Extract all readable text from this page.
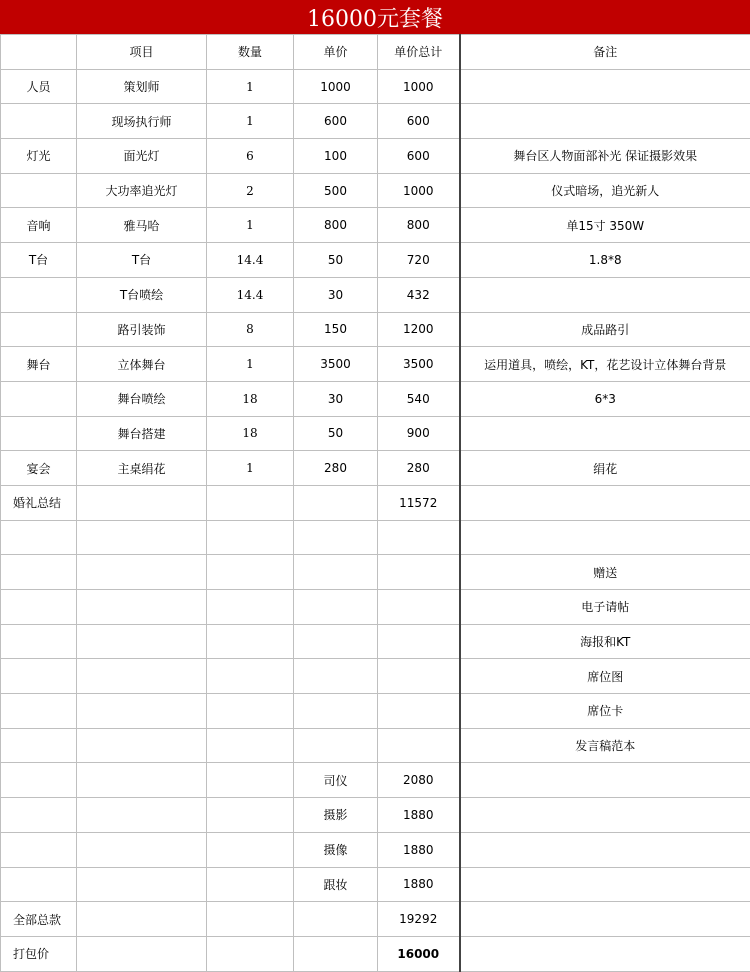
16000元套餐
	项目	数量	单价	单价总计	备注
人员	策划师	1	1000	1000	
	现场执行师	1	600	600	
灯光	面光灯	6	100	600	舞台区人物面部补光 保证摄影效果
	大功率追光灯	2	500	1000	仪式暗场，追光新人
音响	雅马哈	1	800	800	单15寸 350W
T台	T台	14.4	50	720	1.8*8
	T台喷绘	14.4	30	432	
	路引装饰	8	150	1200	成品路引
舞台	立体舞台	1	3500	3500	运用道具，喷绘，KT，花艺设计立体舞台背景
	舞台喷绘	18	30	540	6*3
	舞台搭建	18	50	900	
宴会	主桌绢花	1	280	280	绢花
婚礼总结				11572	

					赠送
					电子请帖
					海报和KT
					席位图
					席位卡
					发言稿范本
			司仪	2080	
			摄影	1880	
			摄像	1880	
			跟妆	1880	
全部总款				19292	
打包价				16000	
